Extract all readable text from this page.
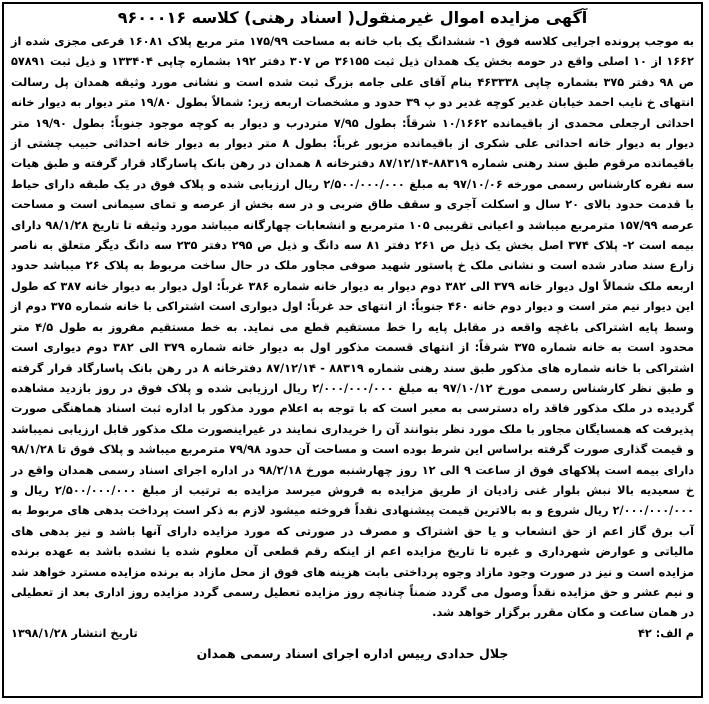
آگهی مزایده اموال غیرمنقول( اسناد رهنی) کلاسه ۹۶۰۰۰۱۶

به موجب پرونده اجرایی کلاسه فوق ۱- ششدانگ یک باب خانه به مساحت ۱۷۵/۹۹ متر مربع پلاک ۱۶۰۸۱ فرعی مجزی شده از ۱۶۶۲ از ۱۰ اصلی واقع در حومه بخش یک همدان ذیل ثبت ۳۶۱۵۵ ص ۳۰۷ دفتر ۱۹۲ بشماره چاپی ۱۳۳۴۰۴ و ذیل ثبت ۵۷۸۹۱ ص ۹۸ دفتر ۳۷۵ بشماره چاپی ۴۶۳۳۳۸ بنام آقای علی جامه بزرگ ثبت شده است و نشانی مورد وثیقه همدان پل رسالت انتهای خ نایب احمد خیابان غدیر کوچه غدیر دو پ ۳۹ حدود و مشخصات اربعه زیر: شمالاً بطول ۱۹/۸۰ متر دیوار به دیوار خانه احداثی ارجعلی محمدی از باقیمانده ۱۰/۱۶۶۲ شرقاً: بطول ۷/۹۵ متردرب و دیوار به کوچه موجود جنوباً: بطول ۱۹/۹۰ متر دیوار به دیوار خانه احداثی علی شکری از باقیمانده مزبور غرباً: بطول ۸ متر دیوار به دیوار خانه احداثی حبیب چشتی از باقیمانده مرقوم طبق سند رهنی شماره ۸۸۳۱۹-۸۷/۱۲/۱۴ دفترخانه ۸ همدان در رهن بانک پاسارگاد قرار گرفته و طبق هیات سه نفره کارشناس رسمی مورخه ۹۷/۱۰/۰۶ به مبلغ ۲/۵۰۰/۰۰۰/۰۰۰ ریال ارزیابی شده و پلاک فوق در یک طبقه دارای حیاط با قدمت حدود بالای ۲۰ سال و اسکلت آجری و سقف طاق ضربی و در سه بخش از عرصه و تمای سیمانی است و مساحت عرصه ۱۵۷/۹۹ مترمربع میباشد و اعیانی تقریبی ۱۰۵ مترمربع و انشعابات چهارگانه میباشد مورد وثیقه تا تاریخ ۹۸/۱/۲۸ دارای بیمه است ۲- پلاک ۳۷۴ اصل بخش یک ذیل ص ۲۶۱ دفتر ۸۱ سه دانگ و ذیل ص ۲۹۵ دفتر ۲۳۵ سه دانگ دیگر متعلق به ناصر زارع سند صادر شده است و نشانی ملک خ پاستور شهید صوفی مجاور ملک در حال ساخت مربوط به پلاک ۲۶ میباشد حدود اربعه ملک شمالاً اول دیوار خانه ۳۷۹ الی ۳۸۲ دوم دیوار به دیوار خانه شماره ۳۸۶ غرباً: اول دیوار به دیوار خانه ۳۸۷ که طول این دیوار نیم متر است و دیوار دوم خانه ۴۶۰ جنوباً: از انتهای حد غرباً: اول دیواری است اشتراکی با خانه شماره ۳۷۵ دوم از وسط پایه اشتراکی باغچه واقعه در مقابل پایه را خط مستقیم قطع می نماید. به خط مستقیم مفروز به طول ۴/۵ متر محدود است به خانه شماره ۳۷۵ شرقاً: از انتهای قسمت مذکور اول به دیوار خانه شماره ۳۷۹ الی ۳۸۲ دوم دیواری است اشتراکی با خانه شماره های مذکور طبق سند رهنی شماره ۸۸۳۱۹ - ۸۷/۱۲/۱۴ دفترخانه ۸ در رهن بانک پاسارگاد قرار گرفته و طبق نظر کارشناس رسمی مورخ ۹۷/۱۰/۱۲ به مبلغ ۲/۰۰۰/۰۰۰/۰۰۰ ریال ارزیابی شده و پلاک فوق در روز بازدید مشاهده گردیده در ملک مذکور فاقد راه دسترسی به معبر است که با توجه به اعلام مورد مذکور با اداره ثبت اسناد هماهنگی صورت پذیرفت که همسایگان مجاور با ملک مورد نظر بتوانند آن را خریداری نمایند در غیراینصورت ملک مذکور قابل ارزیابی نمیباشد و قیمت گذاری صورت گرفته براساس این شرط بوده است و مساحت آن حدود ۷۹/۹۸ مترمربع میباشد و پلاک فوق تا ۹۸/۱/۲۸ دارای بیمه است پلاکهای فوق از ساعت ۹ الی ۱۲ روز چهارشنبه مورخ ۹۸/۲/۱۸ در اداره اجرای اسناد رسمی همدان واقع در خ سعیدیه بالا نبش بلوار غنی زادیان از طریق مزایده به فروش میرسد مزایده به ترتیب از مبلغ ۲/۵۰۰/۰۰۰/۰۰۰ ریال و ۲/۰۰۰/۰۰۰/۰۰۰ ریال شروع و به بالاترین قیمت پیشنهادی نقداً فروخته میشود لازم به ذکر است پرداخت بدهی های مربوط به آب برق گاز اعم از حق انشعاب و یا حق اشتراک و مصرف در صورتی که مورد مزایده دارای آنها باشد و نیز بدهی های مالیاتی و عوارض شهرداری و غیره تا تاریخ مزایده اعم از اینکه رقم قطعی آن معلوم شده یا نشده باشد به عهده برنده مزایده است و نیز در صورت وجود مازاد وجوه پرداختی بابت هزینه های فوق از محل مازاد به برنده مزایده مسترد خواهد شد و نیم عشر و حق مزایده نقداً وصول می گردد ضمناً چنانچه روز مزایده تعطیل رسمی گردد مزایده روز اداری بعد از تعطیلی در همان ساعت و مکان مقرر برگزار خواهد شد.

م الف: ۴۲
تاریخ انتشار ۱۳۹۸/۱/۲۸
جلال حدادی رییس اداره اجرای اسناد رسمی همدان
